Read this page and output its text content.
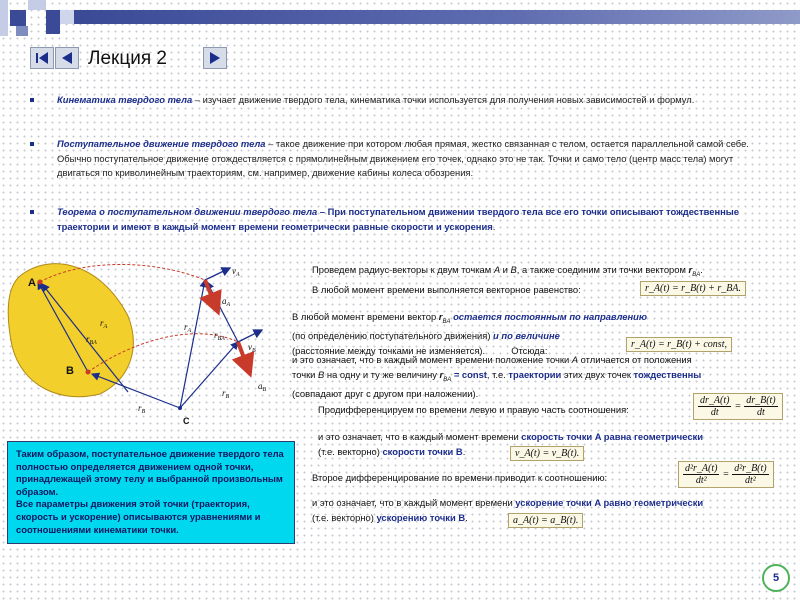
Лекция 2
Кинематика твердого тела – изучает движение твердого тела, кинематика точки используется для получения новых зависимостей и формул.
Поступательное движение твердого тела – такое движение при котором любая прямая, жестко связанная с телом, остается параллельной самой себе. Обычно поступательное движение отождествляется с прямолинейным движением его точек, однако это не так. Точки и само тело (центр масс тела) могут двигаться по криволинейным траекториям, см. например, движение кабины колеса обозрения.
Теорема о поступательном движении твердого тела – При поступательном движении твердого тела все его точки описывают тождественные траектории и имеют в каждый момент времени геометрически равные скорости и ускорения.
A
B
C
$r_A$
$r_{BA}$
$r_B$
$r_A$	$r_{BA}$
$r_B$
$v_A$
$a_A$
$v_B$
$a_B$
Проведем радиус-векторы к двум точкам A и B, а также соединим эти точки вектором $r_{BA}$.
В любой момент времени выполняется векторное равенство:	r_A(t) = r_B(t) + r_BA.
В любой момент времени вектор $r_{BA}$ остается постоянным по направлению
(по определению поступательного движения) и по величине
(расстояние между точками не изменяется).	Отсюда:
r_A(t) = r_B(t) + const,
и это означает, что в каждый момент времени положение точки A отличается от положения
точки B на одну и ту же величину $r_{BA}$ = const, т.е. траектории этих двух точек тождественны
(совпадают друг с другом при наложении).
Продифференцируем по времени левую и правую часть соотношения:	$\frac{dr\_A(t)}{dt} = \frac{dr\_B(t)}{dt}$
и это означает, что в каждый момент времени скорость точки A равна геометрически
(т.е. векторно) скорости точки B.	v_A(t) = v_B(t).
Второе дифференцирование по времени приводит к соотношению:	$\frac{\text{d²r\_A(t)}}{\text{dt²}} = \frac{\text{d²r\_B(t)}}{\text{dt²}}$
и это означает, что в каждый момент времени ускорение точки A равно геометрически
(т.е. векторно) ускорению точки B.	a_A(t) = a_B(t).

Таким образом, поступательное движение твердого тела полностью определяется движением одной точки, принадлежащей этому телу и выбранной произвольным образом.

Все параметры движения этой точки (траектория, скорость и ускорение) описываются уравнениями и соотношениями кинематики точки.

5
